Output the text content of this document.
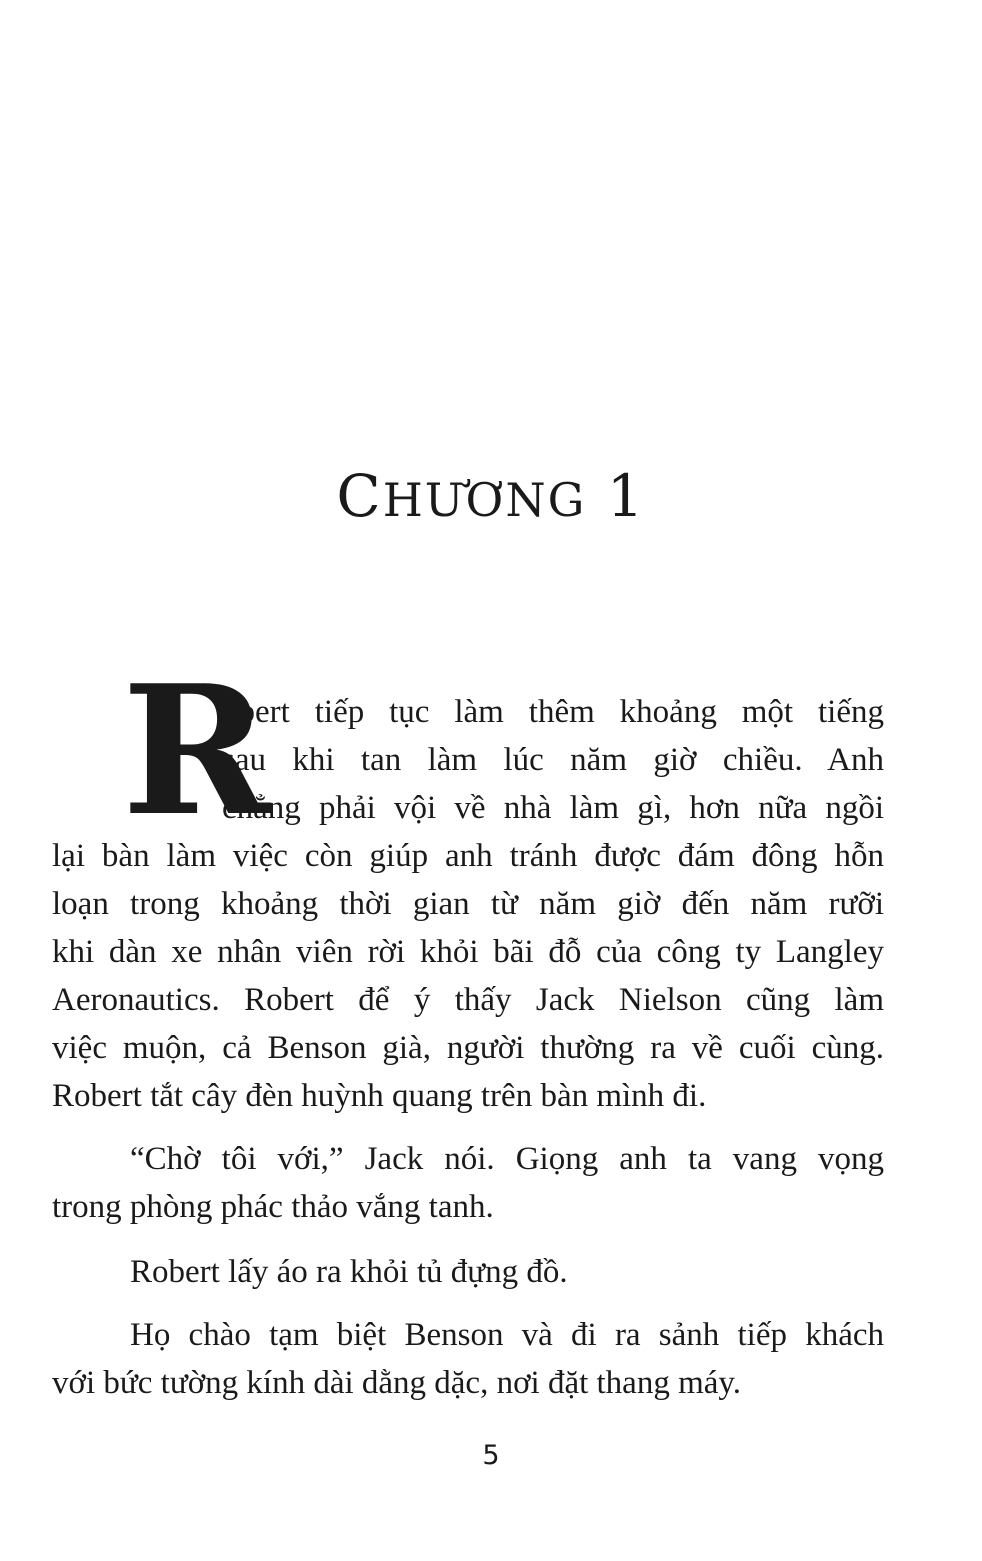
CHƯƠNG 1
R
obert tiếp tục làm thêm khoảng một tiếng
sau khi tan làm lúc năm giờ chiều. Anh
chẳng phải vội về nhà làm gì, hơn nữa ngồi
lại bàn làm việc còn giúp anh tránh được đám đông hỗn
loạn trong khoảng thời gian từ năm giờ đến năm rưỡi
khi dàn xe nhân viên rời khỏi bãi đỗ của công ty Langley
Aeronautics. Robert để ý thấy Jack Nielson cũng làm
việc muộn, cả Benson già, người thường ra về cuối cùng.
Robert tắt cây đèn huỳnh quang trên bàn mình đi.
“Chờ tôi với,” Jack nói. Giọng anh ta vang vọng
trong phòng phác thảo vắng tanh.
Robert lấy áo ra khỏi tủ đựng đồ.
Họ chào tạm biệt Benson và đi ra sảnh tiếp khách
với bức tường kính dài dằng dặc, nơi đặt thang máy.
5
